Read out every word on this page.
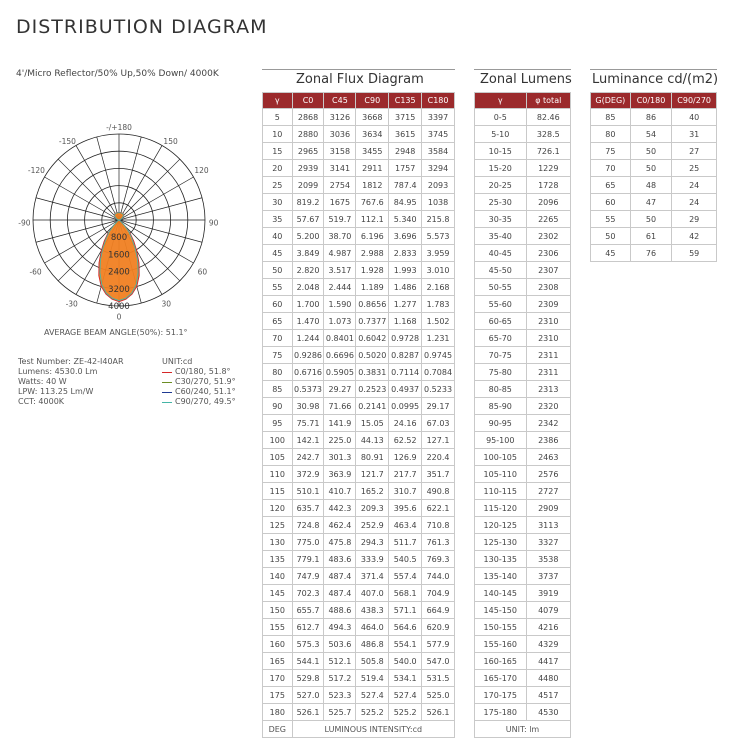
DISTRIBUTION DIAGRAM
4'/Micro Reflector/50% Up,50% Down/ 4000K
800
1600
2400
3200
4000
-/+180
-150	150
-120	120
-90	90
-60	60
-30	30
0
AVERAGE BEAM ANGLE(50%): 51.1°
Test Number: ZE-42-I40AR
Lumens: 4530.0 Lm
Watts: 40 W
LPW: 113.25 Lm/W
CCT: 4000K
UNIT:cd
C0/180, 51.8°
C30/270, 51.9°
C60/240, 51.1°
C90/270, 49.5°
Zonal Flux Diagram
γ	C0	C45	C90	C135	C180
5	2868	3126	3668	3715	3397
10	2880	3036	3634	3615	3745
15	2965	3158	3455	2948	3584
20	2939	3141	2911	1757	3294
25	2099	2754	1812	787.4	2093
30	819.2	1675	767.6	84.95	1038
35	57.67	519.7	112.1	5.340	215.8
40	5.200	38.70	6.196	3.696	5.573
45	3.849	4.987	2.988	2.833	3.959
50	2.820	3.517	1.928	1.993	3.010
55	2.048	2.444	1.189	1.486	2.168
60	1.700	1.590	0.8656	1.277	1.783
65	1.470	1.073	0.7377	1.168	1.502
70	1.244	0.8401	0.6042	0.9728	1.231
75	0.9286	0.6696	0.5020	0.8287	0.9745
80	0.6716	0.5905	0.3831	0.7114	0.7084
85	0.5373	29.27	0.2523	0.4937	0.5233
90	30.98	71.66	0.2141	0.0995	29.17
95	75.71	141.9	15.05	24.16	67.03
100	142.1	225.0	44.13	62.52	127.1
105	242.7	301.3	80.91	126.9	220.4
110	372.9	363.9	121.7	217.7	351.7
115	510.1	410.7	165.2	310.7	490.8
120	635.7	442.3	209.3	395.6	622.1
125	724.8	462.4	252.9	463.4	710.8
130	775.0	475.8	294.3	511.7	761.3
135	779.1	483.6	333.9	540.5	769.3
140	747.9	487.4	371.4	557.4	744.0
145	702.3	487.4	407.0	568.1	704.9
150	655.7	488.6	438.3	571.1	664.9
155	612.7	494.3	464.0	564.6	620.9
160	575.3	503.6	486.8	554.1	577.9
165	544.1	512.1	505.8	540.0	547.0
170	529.8	517.2	519.4	534.1	531.5
175	527.0	523.3	527.4	527.4	525.0
180	526.1	525.7	525.2	525.2	526.1
DEG	LUMINOUS INTENSITY:cd				
Zonal Lumens
γ	φ total
0-5	82.46
5-10	328.5
10-15	726.1
15-20	1229
20-25	1728
25-30	2096
30-35	2265
35-40	2302
40-45	2306
45-50	2307
50-55	2308
55-60	2309
60-65	2310
65-70	2310
70-75	2311
75-80	2311
80-85	2313
85-90	2320
90-95	2342
95-100	2386
100-105	2463
105-110	2576
110-115	2727
115-120	2909
120-125	3113
125-130	3327
130-135	3538
135-140	3737
140-145	3919
145-150	4079
150-155	4216
155-160	4329
160-165	4417
165-170	4480
170-175	4517
175-180	4530
UNIT: lm	
Luminance cd/(m2)
G(DEG)	C0/180	C90/270
85	86	40
80	54	31
75	50	27
70	50	25
65	48	24
60	47	24
55	50	29
50	61	42
45	76	59
